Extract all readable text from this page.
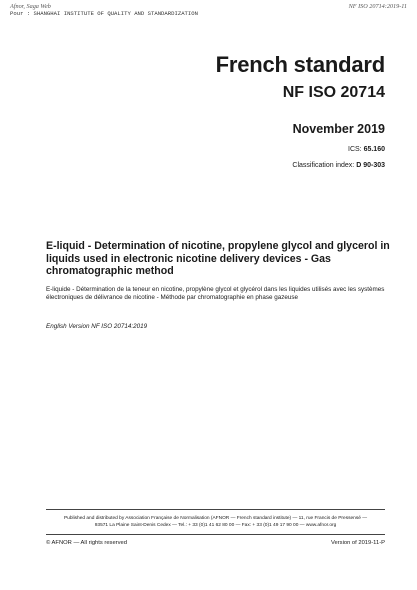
Afnor, Saga Web
Pour : SHANGHAI INSTITUTE OF QUALITY AND STANDARDIZATION
NF ISO 20714:2019-11
French standard
NF ISO 20714
November 2019
ICS: 65.160
Classification index: D 90-303
E-liquid - Determination of nicotine, propylene glycol and glycerol in liquids used in electronic nicotine delivery devices - Gas chromatographic method
E-liquide - Détermination de la teneur en nicotine, propylène glycol et glycérol dans les liquides utilisés avec les systèmes électroniques de délivrance de nicotine - Méthode par chromatographie en phase gazeuse
English Version NF ISO 20714:2019
Published and distributed by Association Française de Normalisation (AFNOR — French standard institute) — 11, rue Francis de Pressensé —
93571 La Plaine Saint-Denis Cedex — Tel.: + 33 (0)1 41 62 80 00 — Fax: + 33 (0)1 49 17 90 00 — www.afnor.org
© AFNOR — All rights reserved	Version of 2019-11-P
